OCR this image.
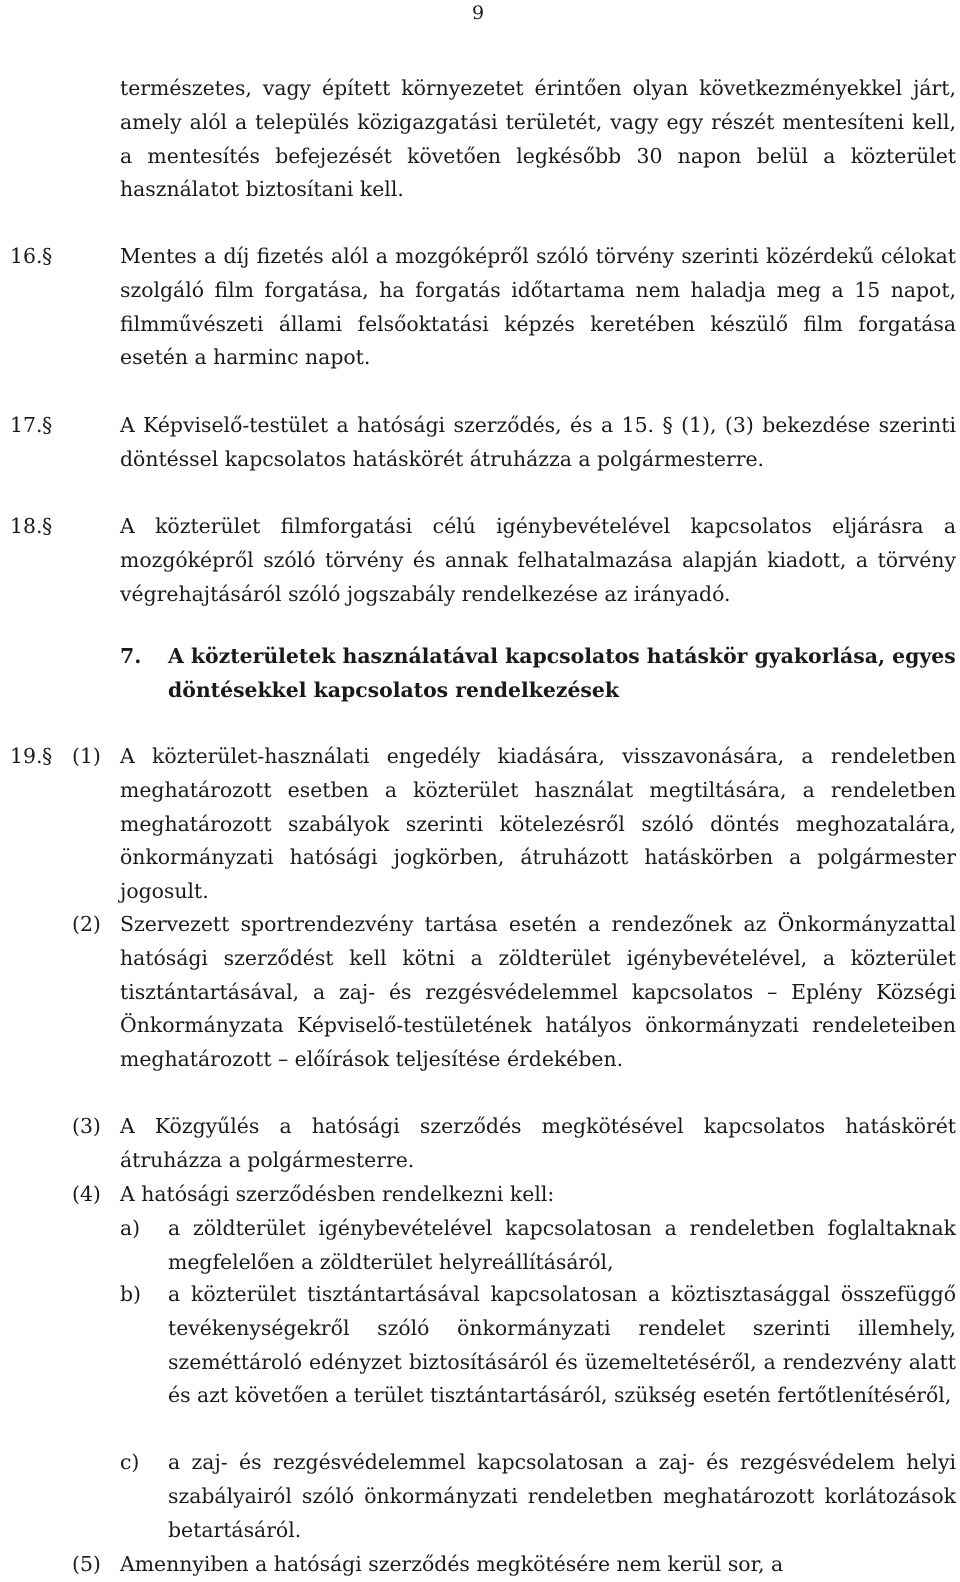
9
természetes, vagy épített környezetet érintően olyan következményekkel járt, amely alól a település közigazgatási területét, vagy egy részét mentesíteni kell, a mentesítés befejezését követően legkésőbb 30 napon belül a közterület használatot biztosítani kell.
16. §	Mentes a díj fizetés alól a mozgóképről szóló törvény szerinti közérdekű célokat szolgáló film forgatása, ha forgatás időtartama nem haladja meg a 15 napot, filmművészeti állami felsőoktatási képzés keretében készülő film forgatása esetén a harminc napot.
17. §	A Képviselő-testület a hatósági szerződés, és a 15. § (1), (3) bekezdése szerinti döntéssel kapcsolatos hatáskörét átruházza a polgármesterre.
18. §	A közterület filmforgatási célú igénybevételével kapcsolatos eljárásra a mozgóképről szóló törvény és annak felhatalmazása alapján kiadott, a törvény végrehajtásáról szóló jogszabály rendelkezése az irányadó.
7. A közterületek használatával kapcsolatos hatáskör gyakorlása, egyes döntésekkel kapcsolatos rendelkezések
19. § (1) A közterület-használati engedély kiadására, visszavonására, a rendeletben meghatározott esetben a közterület használat megtiltására, a rendeletben meghatározott szabályok szerinti kötelezésről szóló döntés meghozatalára, önkormányzati hatósági jogkörben, átruházott hatáskörben a polgármester jogosult.
(2) Szervezett sportrendezvény tartása esetén a rendezőnek az Önkormányzattal hatósági szerződést kell kötni a zöldterület igénybevételével, a közterület tisztántartásával, a zaj- és rezgésvédelemmel kapcsolatos – Eplény Községi Önkormányzata Képviselő-testületének hatályos önkormányzati rendeleteiben meghatározott – előírások teljesítése érdekében.
(3) A Közgyűlés a hatósági szerződés megkötésével kapcsolatos hatáskörét átruházza a polgármesterre.
(4) A hatósági szerződésben rendelkezni kell:
a) a zöldterület igénybevételével kapcsolatosan a rendeletben foglaltaknak megfelelően a zöldterület helyreállításáról,
b) a közterület tisztántartásával kapcsolatosan a köztisztasággal összefüggő tevékenységekről szóló önkormányzati rendelet szerinti illemhely, szeméttároló edényzet biztosításáról és üzemeltetéséről, a rendezvény alatt és azt követően a terület tisztántartásáról, szükség esetén fertőtlenítéséről,
c) a zaj- és rezgésvédelemmel kapcsolatosan a zaj- és rezgésvédelem helyi szabályairól szóló önkormányzati rendeletben meghatározott korlátozások betartásáról.
(5) Amennyiben a hatósági szerződés megkötésére nem kerül sor, a
